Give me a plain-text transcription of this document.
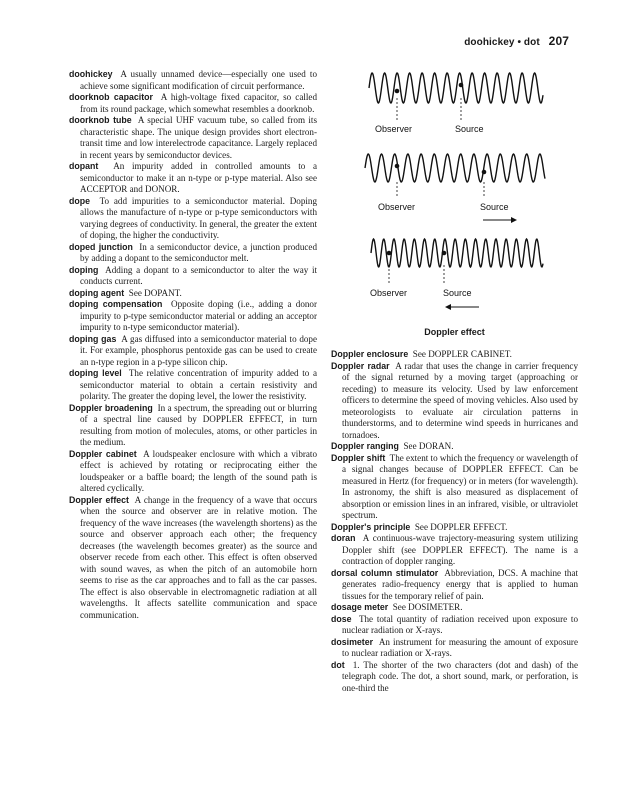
doohickey • dot 207

doohickey A usually unnamed device—especially one used to achieve some significant modification of circuit performance.

doorknob capacitor A high-voltage fixed capacitor, so called from its round package, which somewhat resembles a doorknob.

doorknob tube A special UHF vacuum tube, so called from its characteristic shape. The unique design provides short electron-transit time and low interelectrode capacitance. Largely replaced in recent years by semiconductor devices.

dopant An impurity added in controlled amounts to a semiconductor to make it an n-type or p-type material. Also see ACCEPTOR and DONOR.

dope To add impurities to a semiconductor material. Doping allows the manufacture of n-type or p-type semiconductors with varying degrees of conductivity. In general, the greater the extent of doping, the higher the conductivity.

doped junction In a semiconductor device, a junction produced by adding a dopant to the semiconductor melt.

doping Adding a dopant to a semiconductor to alter the way it conducts current.

doping agent See DOPANT.

doping compensation Opposite doping (i.e., adding a donor impurity to p-type semiconductor material or adding an acceptor impurity to n-type semiconductor material).

doping gas A gas diffused into a semiconductor material to dope it. For example, phosphorus pentoxide gas can be used to create an n-type region in a p-type silicon chip.

doping level The relative concentration of impurity added to a semiconductor material to obtain a certain resistivity and polarity. The greater the doping level, the lower the resistivity.

Doppler broadening In a spectrum, the spreading out or blurring of a spectral line caused by DOPPLER EFFECT, in turn resulting from motion of molecules, atoms, or other particles in the medium.

Doppler cabinet A loudspeaker enclosure with which a vibrato effect is achieved by rotating or reciprocating either the loudspeaker or a baffle board; the length of the sound path is altered cyclically.

Doppler effect A change in the frequency of a wave that occurs when the source and observer are in relative motion. The frequency of the wave increases (the wavelength shortens) as the source and observer approach each other; the frequency decreases (the wavelength becomes greater) as the source and observer recede from each other. This effect is often observed with sound waves, as when the pitch of an automobile horn seems to rise as the car approaches and to fall as the car passes. The effect is also observable in electromagnetic radiation at all wavelengths. It affects satellite communication and space communication.

Observer	Source
Observer	Source
Observer	Source
Doppler effect

Doppler enclosure See DOPPLER CABINET.

Doppler radar A radar that uses the change in carrier frequency of the signal returned by a moving target (approaching or receding) to measure its velocity. Used by law enforcement officers to determine the speed of moving vehicles. Also used by meteorologists to evaluate air circulation patterns in thunderstorms, and to determine wind speeds in hurricanes and tornadoes.

Doppler ranging See DORAN.

Doppler shift The extent to which the frequency or wavelength of a signal changes because of DOPPLER EFFECT. Can be measured in Hertz (for frequency) or in meters (for wavelength). In astronomy, the shift is also measured as displacement of absorption or emission lines in an infrared, visible, or ultraviolet spectrum.

Doppler's principle See DOPPLER EFFECT.

doran A continuous-wave trajectory-measuring system utilizing Doppler shift (see DOPPLER EFFECT). The name is a contraction of doppler ranging.

dorsal column stimulator Abbreviation, DCS. A machine that generates radio-frequency energy that is applied to human tissues for the temporary relief of pain.

dosage meter See DOSIMETER.

dose The total quantity of radiation received upon exposure to nuclear radiation or X-rays.

dosimeter An instrument for measuring the amount of exposure to nuclear radiation or X-rays.

dot 1. The shorter of the two characters (dot and dash) of the telegraph code. The dot, a short sound, mark, or perforation, is one-third the
